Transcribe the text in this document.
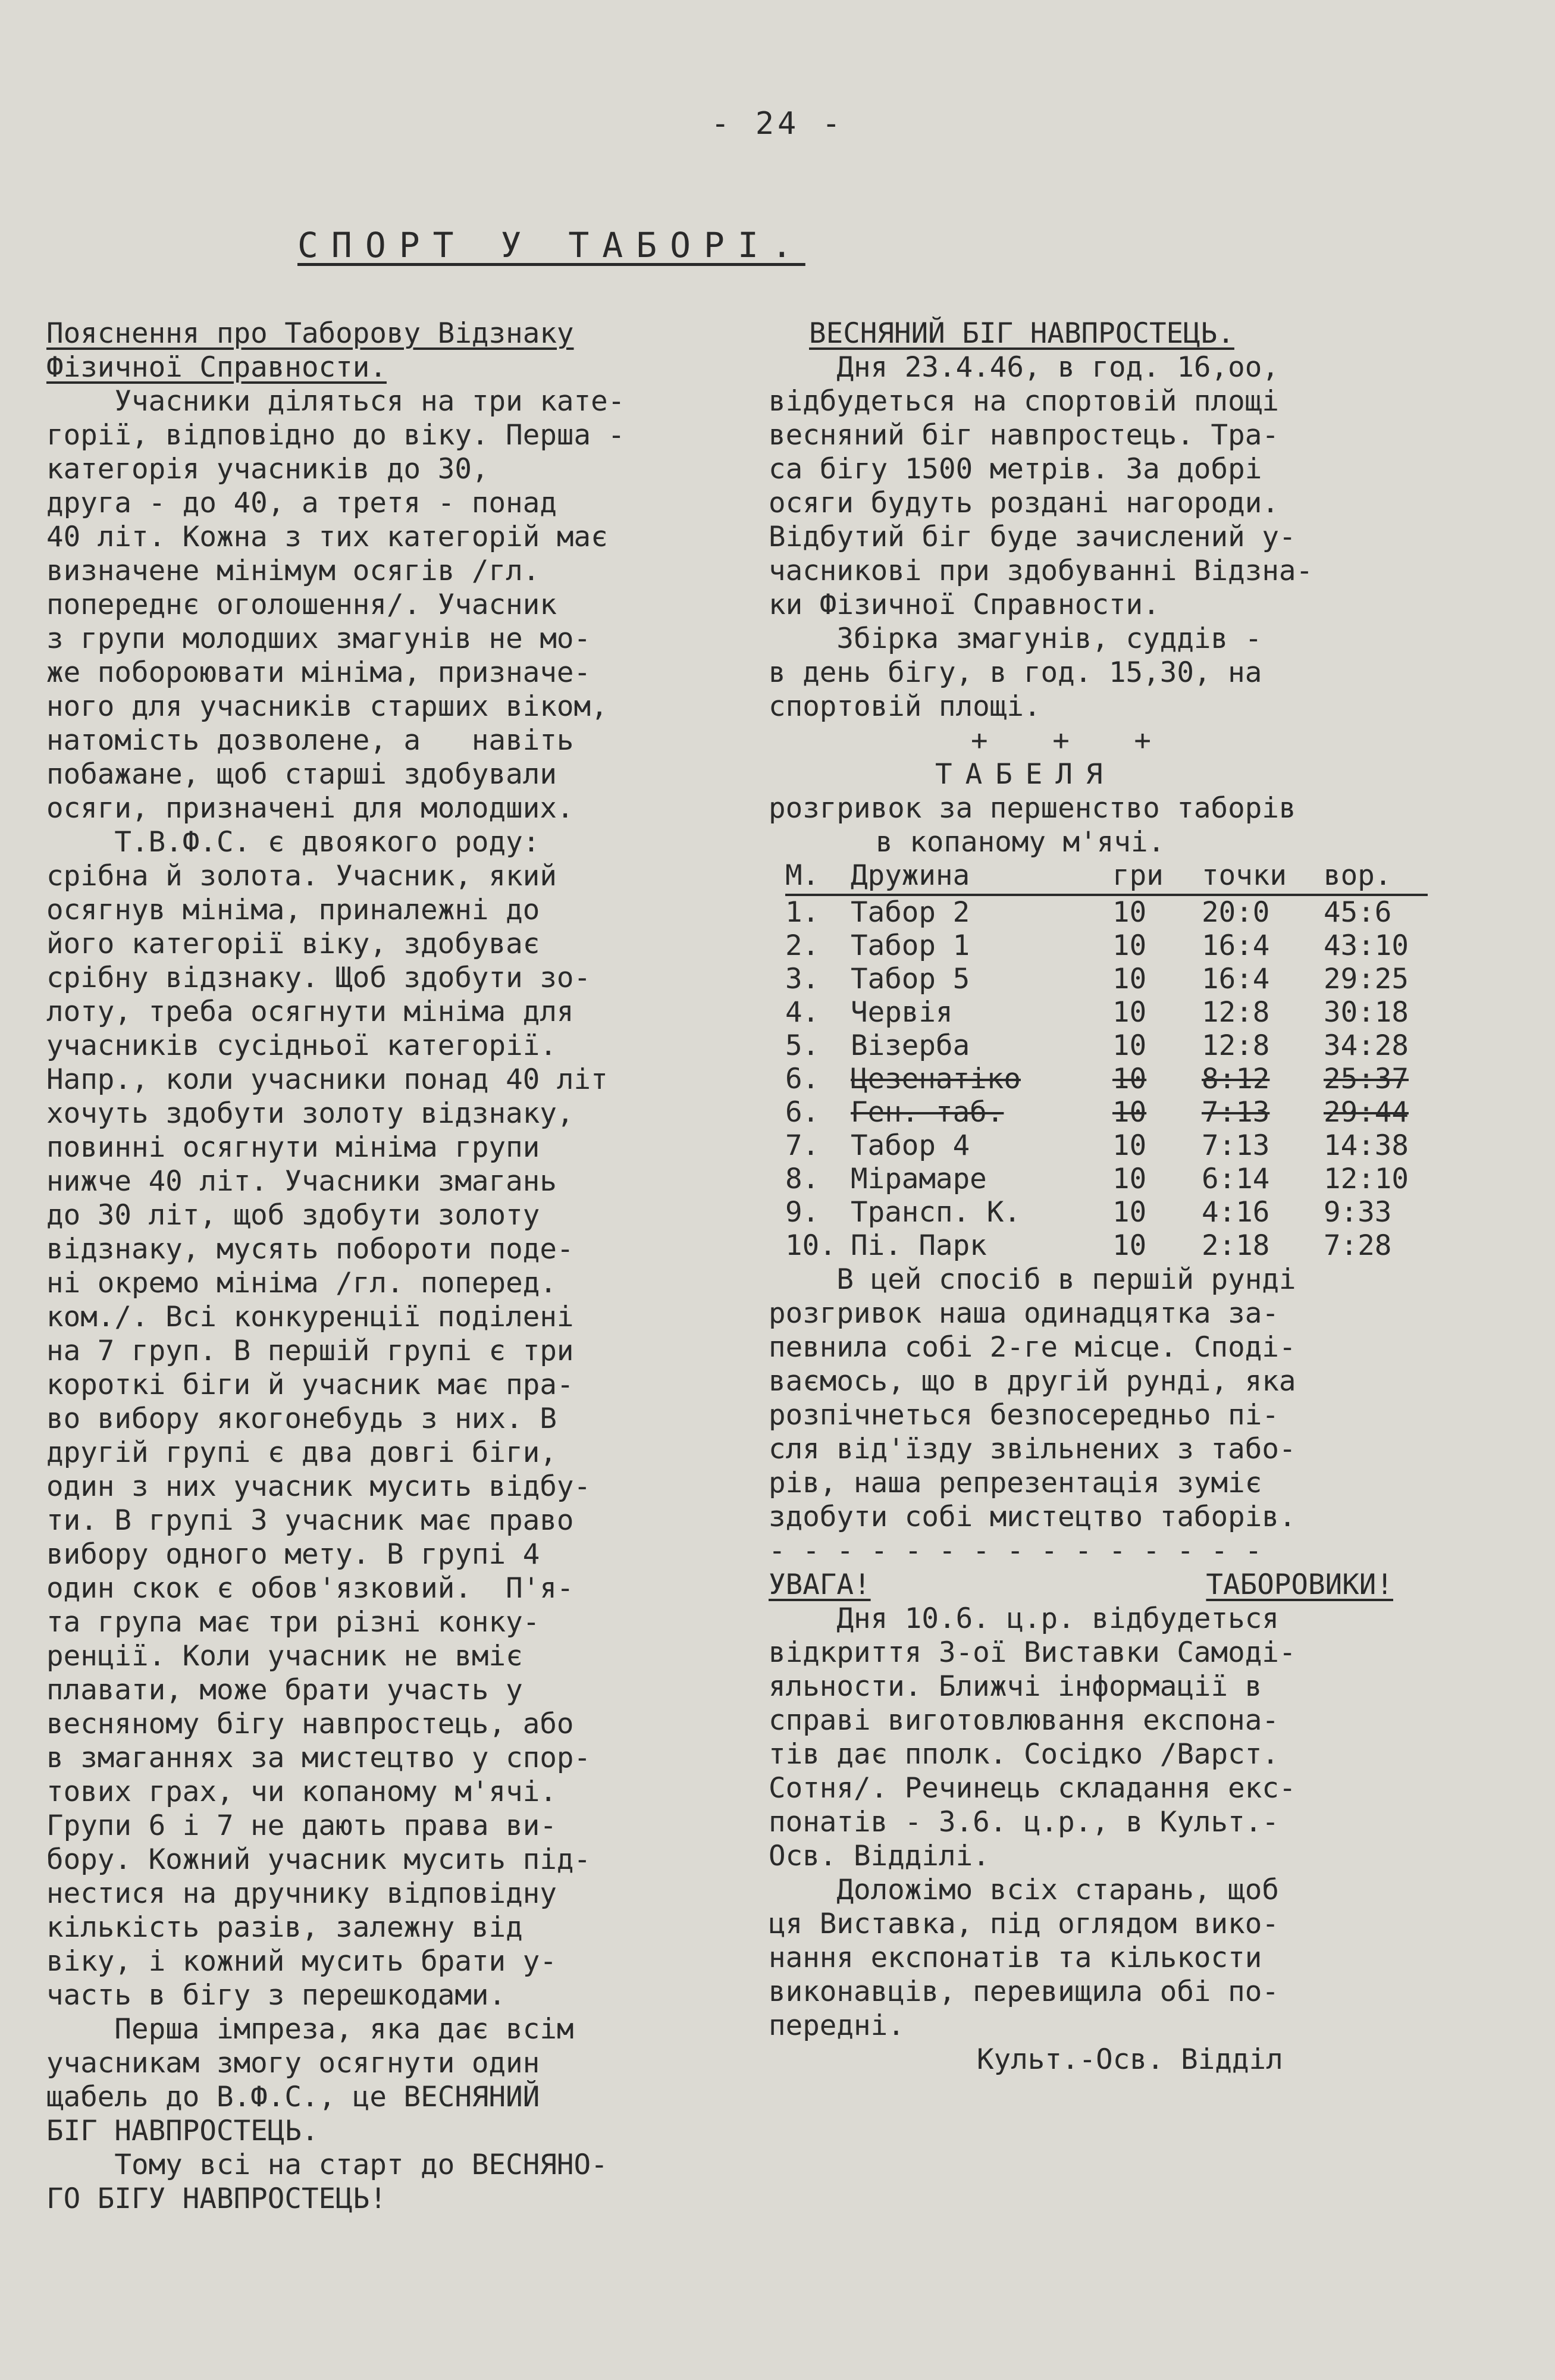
- 24 -
СПОРТ У ТАБОРІ.

Пояснення про Таборову Відзнаку

Фізичної Справности.

Учасники діляться на три кате-

горії, відповідно до віку. Перша -

категорія учасників до 30,

друга - до 40, а третя - понад

40 літ. Кожна з тих категорій має

визначене мінімум осягів /гл.

попереднє оголошення/. Учасник

з групи молодших змагунів не мо-

же побороювати мініма, призначе-

ного для учасників старших віком,

натомість дозволене, а   навіть

побажане, щоб старші здобували

осяги, призначені для молодших.

Т.В.Ф.С. є двоякого роду:

срібна й золота. Учасник, який

осягнув мініма, приналежні до

його категорії віку, здобуває

срібну відзнаку. Щоб здобути зо-

лоту, треба осягнути мініма для

учасників сусідньої категорії.

Напр., коли учасники понад 40 літ

хочуть здобути золоту відзнаку,

повинні осягнути мініма групи

нижче 40 літ. Учасники змагань

до 30 літ, щоб здобути золоту

відзнаку, мусять побороти поде-

ні окремо мініма /гл. поперед.

ком./. Всі конкуренції поділені

на 7 груп. В першій групі є три

короткі біги й учасник має пра-

во вибору якогонебудь з них. В

другій групі є два довгі біги,

один з них учасник мусить відбу-

ти. В групі 3 учасник має право

вибору одного мету. В групі 4

один скок є обов'язковий.  П'я-

та група має три різні конку-

ренції. Коли учасник не вміє

плавати, може брати участь у

весняному бігу навпростець, або

в змаганнях за мистецтво у спор-

тових грах, чи копаному м'ячі.

Групи 6 і 7 не дають права ви-

бору. Кожний учасник мусить під-

нестися на дручнику відповідну

кількість разів, залежну від

віку, і кожний мусить брати у-

часть в бігу з перешкодами.

Перша імпреза, яка дає всім

учасникам змогу осягнути один

щабель до В.Ф.С., це ВЕСНЯНИЙ

БІГ НАВПРОСТЕЦЬ.

Тому всі на старт до ВЕСНЯНО-

ГО БІГУ НАВПРОСТЕЦЬ!

ВЕСНЯНИЙ БІГ НАВПРОСТЕЦЬ.

Дня 23.4.46, в год. 16,оо,

відбудеться на спортовій площі

весняний біг навпростець. Тра-

са бігу 1500 метрів. За добрі

осяги будуть роздані нагороди.

Відбутий біг буде зачислений у-

часникові при здобуванні Відзна-

ки Фізичної Справности.

Збірка змагунів, суддів -

в день бігу, в год. 15,30, на

спортовій площі.

+ + +

ТАБЕЛЯ

розгривок за першенство таборів

в копаному м'ячі.

М.	Дружина	гри	точки	вор.
1.	Табор 2	10	20:0	45:6
2.	Табор 1	10	16:4	43:10
3.	Табор 5	10	16:4	29:25
4.	Червія	10	12:8	30:18
5.	Візерба	10	12:8	34:28
6.	Цезенатіко	10	8:12	25:37
6.	Ген. таб.	10	7:13	29:44
7.	Табор 4	10	7:13	14:38
8.	Мірамаре	10	6:14	12:10
9.	Трансп. К.	10	4:16	9:33
10.	Пі. Парк	10	2:18	7:28

В цей спосіб в першій рунді

розгривок наша одинадцятка за-

певнила собі 2-ге місце. Споді-

ваємось, що в другій рунді, яка

розпічнеться безпосередньо пі-

сля від'їзду звільнених з табо-

рів, наша репрезентація зуміє

здобути собі мистецтво таборів.

- - - - - - - - - - - - - - -

УВАГА!	ТАБОРОВИКИ!

Дня 10.6. ц.р. відбудеться

відкриття 3-ої Виставки Самоді-

яльности. Ближчі інформації в

справі виготовлювання експона-

тів дає пполк. Сосідко /Варст.

Сотня/. Речинець складання екс-

понатів - 3.6. ц.р., в Культ.-

Осв. Відділі.

Доложімо всіх старань, щоб

ця Виставка, під оглядом вико-

нання експонатів та кількости

виконавців, перевищила обі по-

передні.

Культ.-Осв. Відділ
